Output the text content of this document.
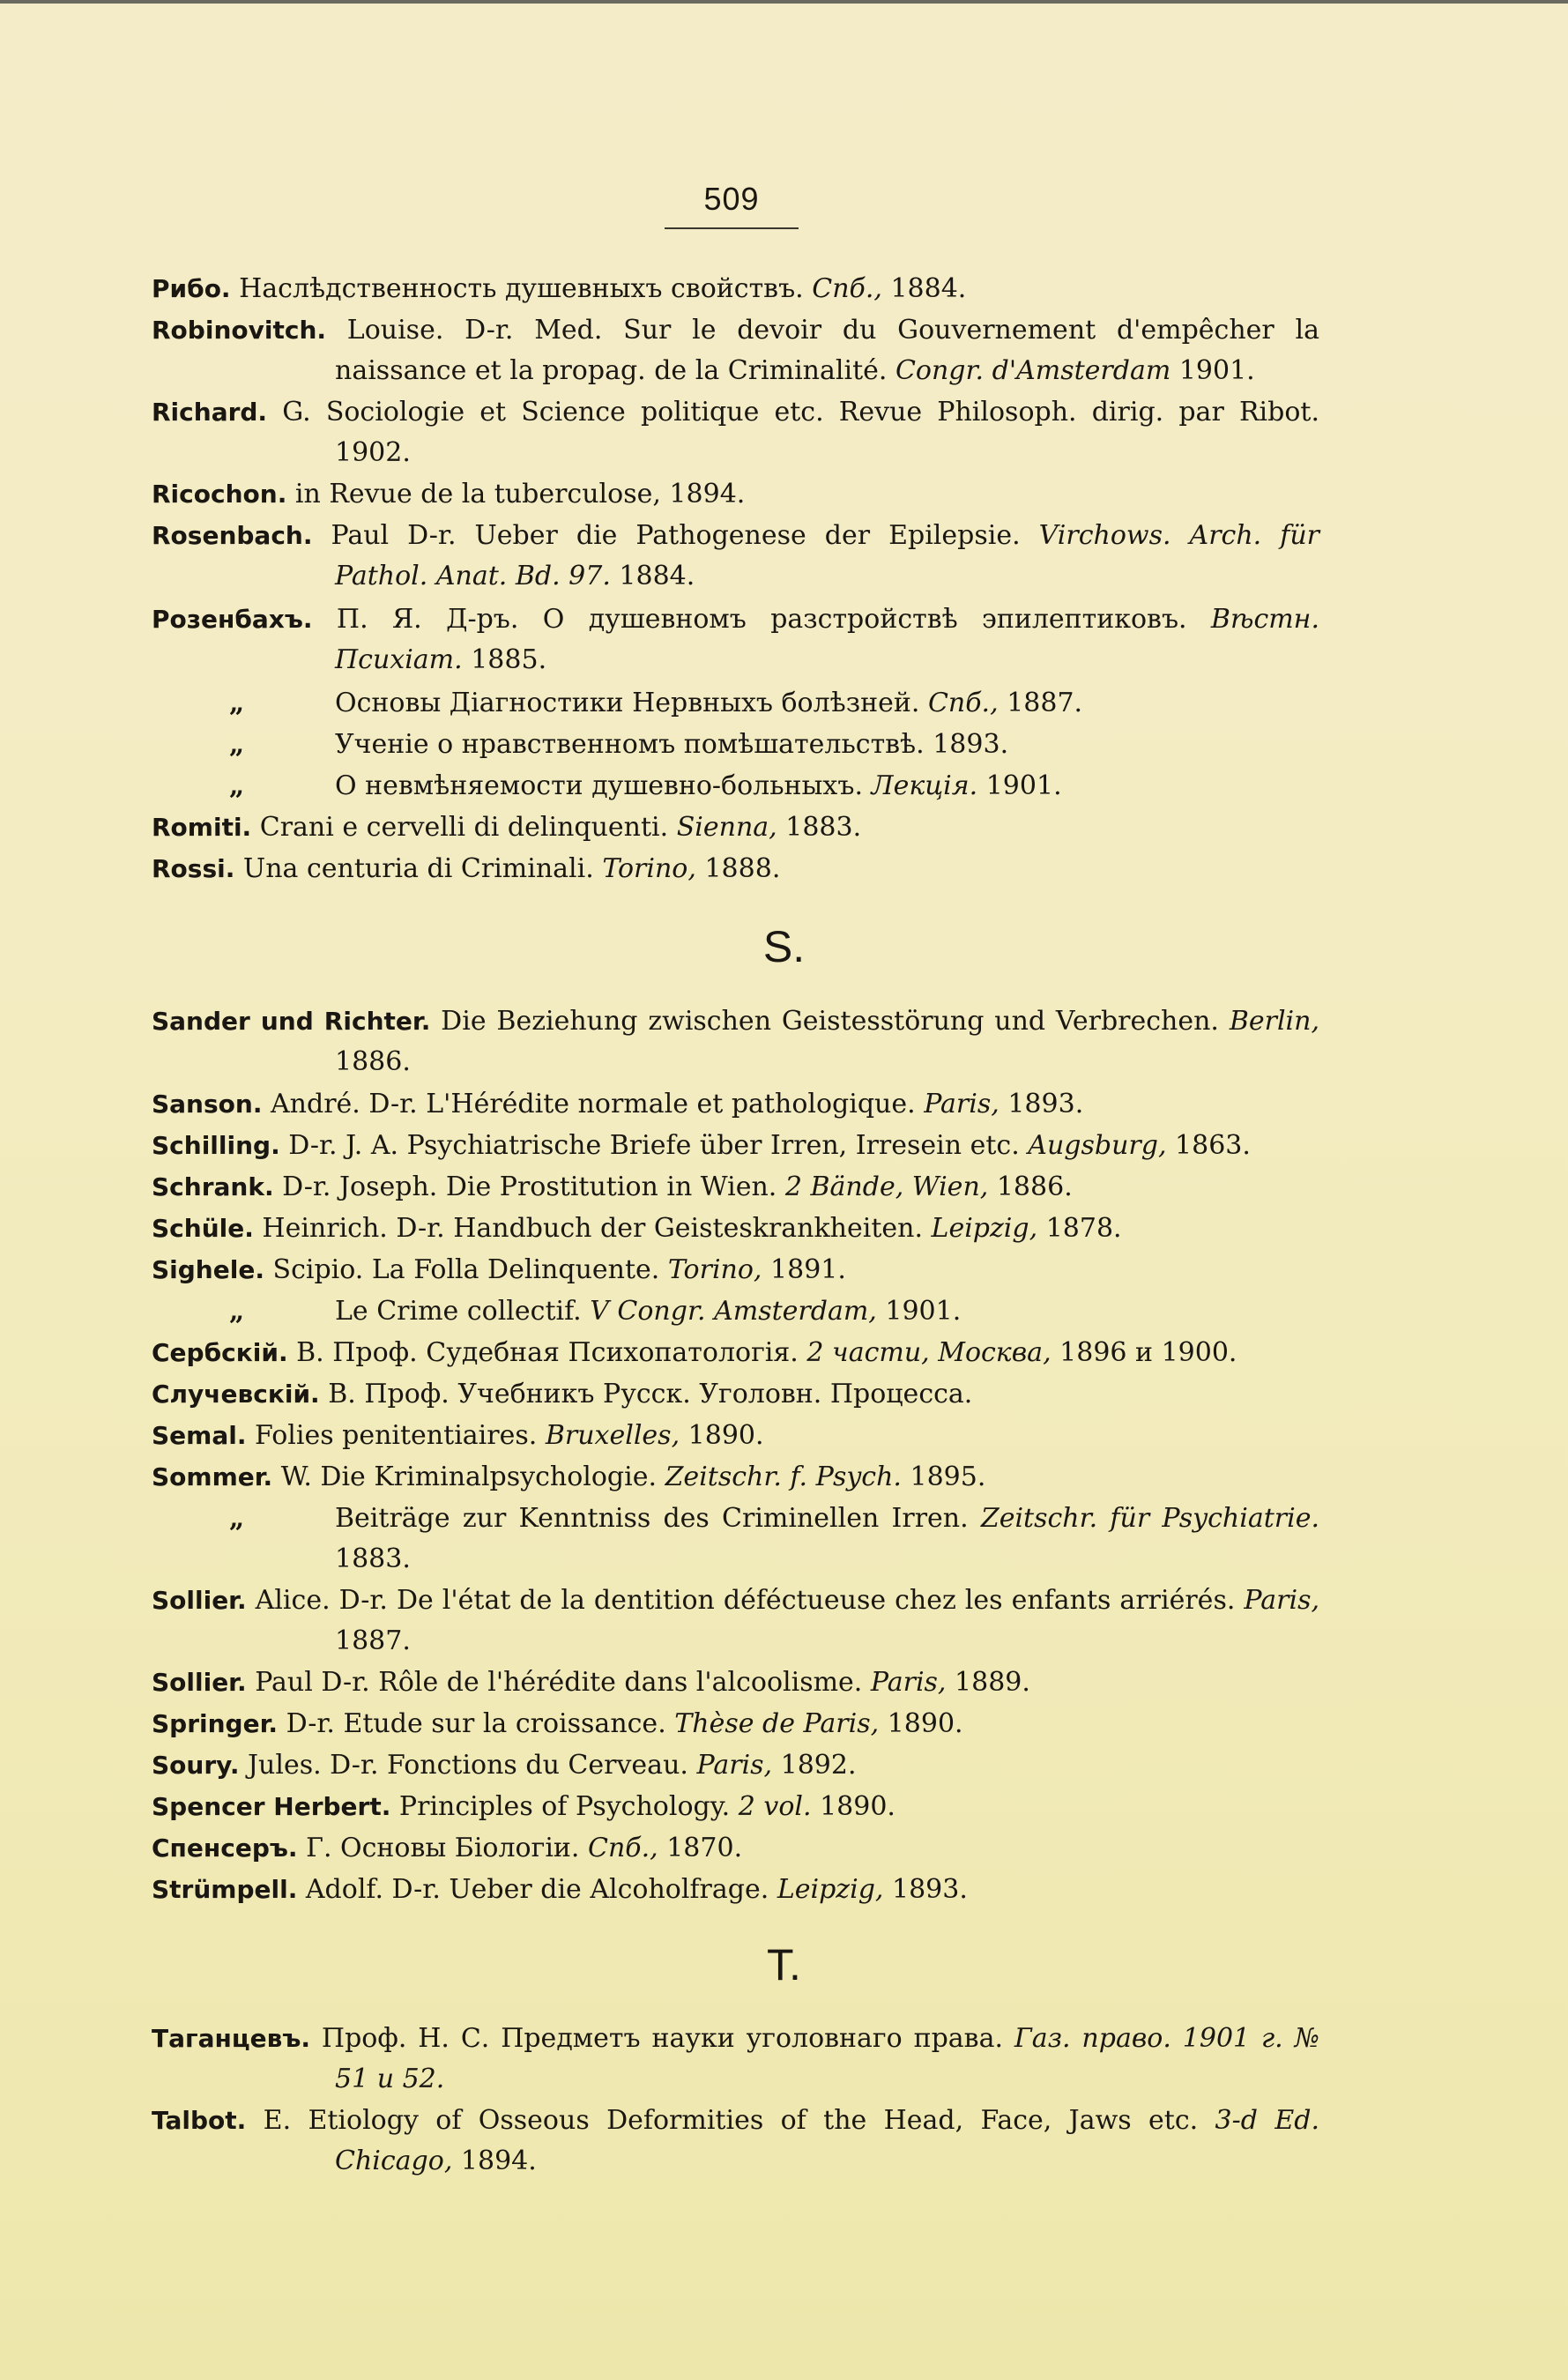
509
Рибо. Наслѣдственность душевныхъ свойствъ. Спб., 1884.
Robinovitch. Louise. D-r. Med. Sur le devoir du Gouvernement d'empêcher la naissance et la propag. de la Criminalité. Congr. d'Amsterdam 1901.
Richard. G. Sociologie et Science politique etc. Revue Philosoph. dirig. par Ribot. 1902.
Ricochon. in Revue de la tuberculose, 1894.
Rosenbach. Paul D-r. Ueber die Pathogenese der Epilepsie. Virchows. Arch. für Pathol. Anat. Bd. 97. 1884.
Розенбахъ. П. Я. Д-ръ. О душевномъ разстройствѣ эпилептиковъ. Вѣстн. Психіат. 1885.
„	Основы Діагностики Нервныхъ болѣзней. Спб., 1887.
„	Ученіе о нравственномъ помѣшательствѣ. 1893.
„	О невмѣняемости душевно-больныхъ. Лекція. 1901.
Romiti. Crani e cervelli di delinquenti. Sienna, 1883.
Rossi. Una centuria di Criminali. Torino, 1888.
S.
Sander und Richter. Die Beziehung zwischen Geistesstörung und Verbrechen. Berlin, 1886.
Sanson. André. D-r. L'Hérédite normale et pathologique. Paris, 1893.
Schilling. D-r. J. A. Psychiatrische Briefe über Irren, Irresein etc. Augsburg, 1863.
Schrank. D-r. Joseph. Die Prostitution in Wien. 2 Bände, Wien, 1886.
Schüle. Heinrich. D-r. Handbuch der Geisteskrankheiten. Leipzig, 1878.
Sighele. Scipio. La Folla Delinquente. Torino, 1891.
„	Le Crime collectif. V Congr. Amsterdam, 1901.
Сербскій. В. Проф. Судебная Психопатологія. 2 части, Москва, 1896 и 1900.
Случевскій. В. Проф. Учебникъ Русск. Уголовн. Процесса.
Semal. Folies penitentiaires. Bruxelles, 1890.
Sommer. W. Die Kriminalpsychologie. Zeitschr. f. Psych. 1895.
„	Beiträge zur Kenntniss des Criminellen Irren. Zeitschr. für Psychiatrie. 1883.
Sollier. Alice. D-r. De l'état de la dentition déféctueuse chez les enfants arriérés. Paris, 1887.
Sollier. Paul D-r. Rôle de l'hérédite dans l'alcoolisme. Paris, 1889.
Springer. D-r. Etude sur la croissance. Thèse de Paris, 1890.
Soury. Jules. D-r. Fonctions du Cerveau. Paris, 1892.
Spencer Herbert. Principles of Psychology. 2 vol. 1890.
Спенсеръ. Г. Основы Біологіи. Спб., 1870.
Strümpell. Adolf. D-r. Ueber die Alcoholfrage. Leipzig, 1893.
T.
Таганцевъ. Проф. Н. С. Предметъ науки уголовнаго права. Газ. право. 1901 г. № 51 и 52.
Talbot. E. Etiology of Osseous Deformities of the Head, Face, Jaws etc. 3-d Ed. Chicago, 1894.
